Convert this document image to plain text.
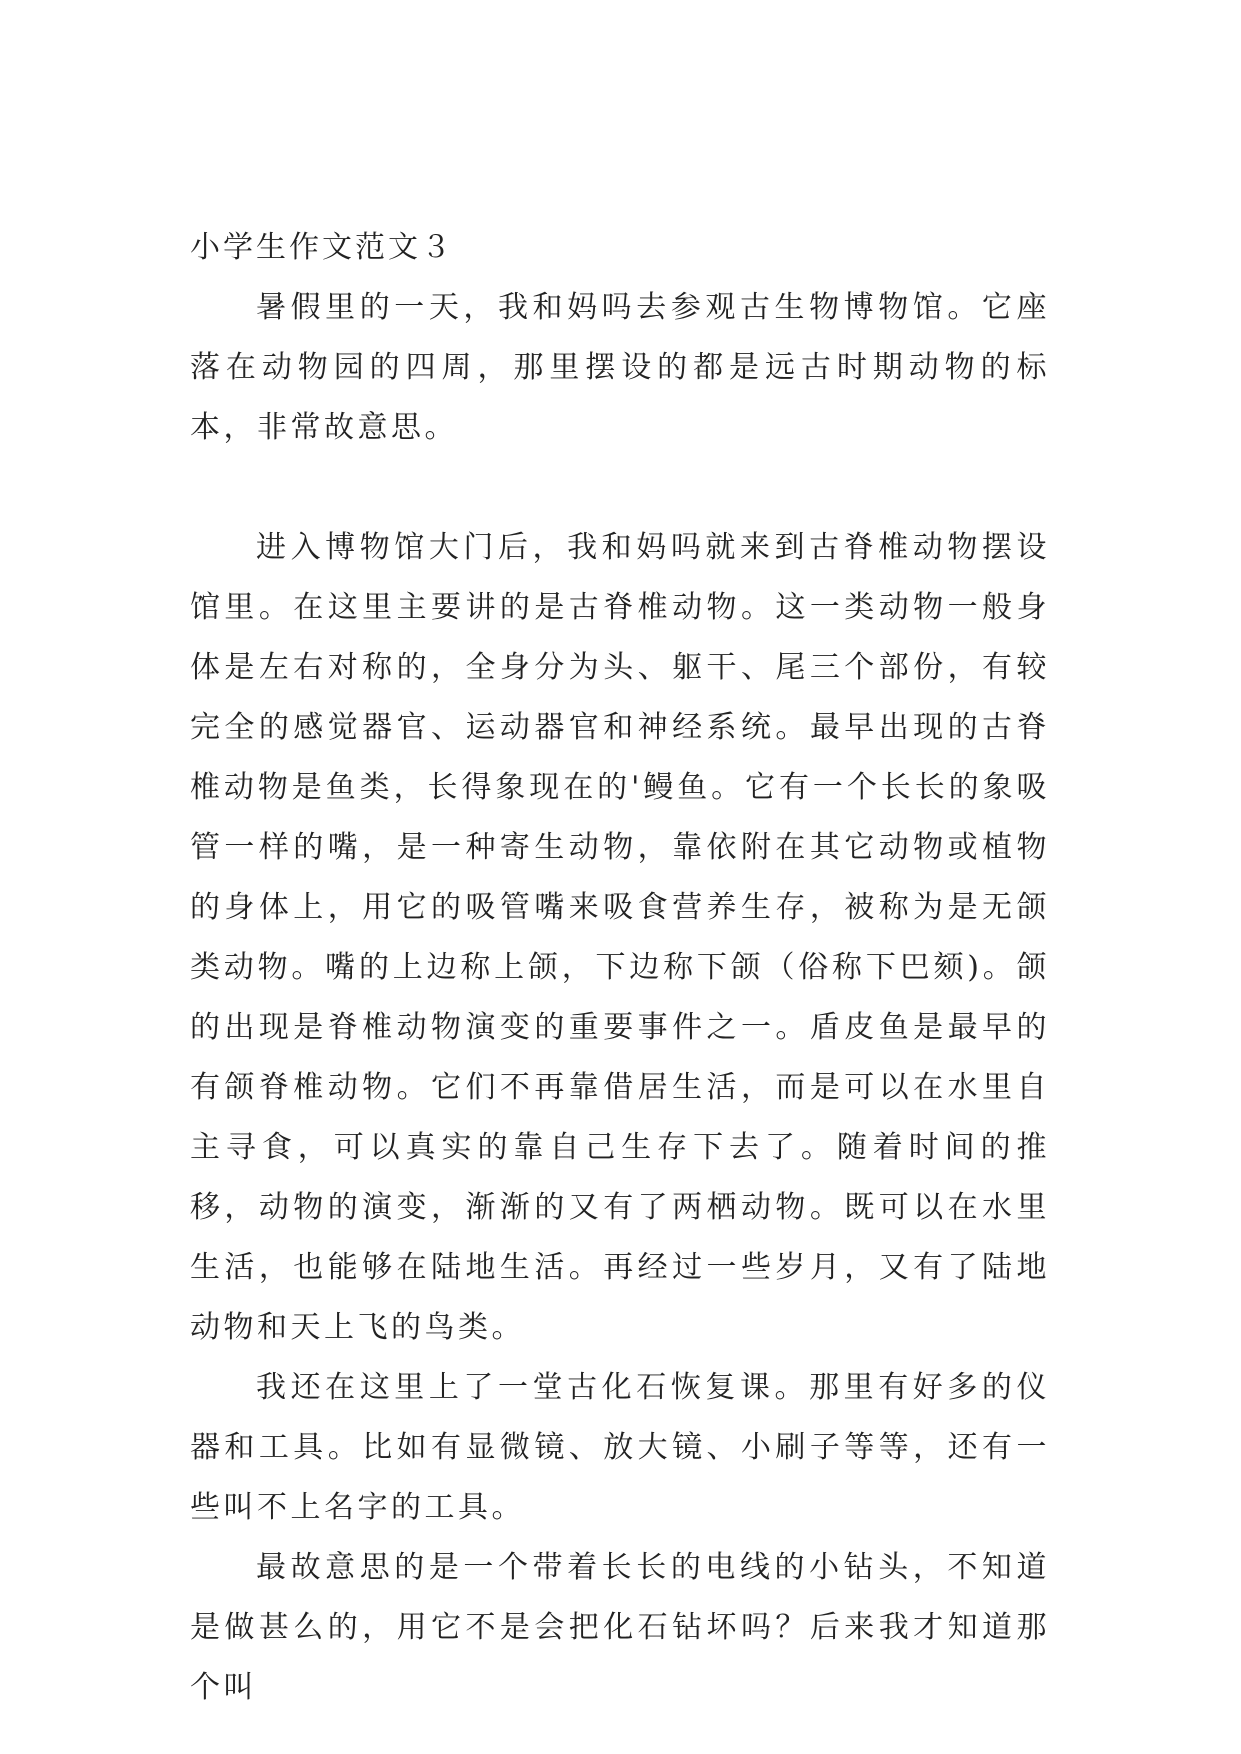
小学生作文范文３

暑假里的一天，我和妈吗去参观古生物博物馆。它座落在动物园的四周，那里摆设的都是远古时期动物的标本，非常故意思。

进入博物馆大门后，我和妈吗就来到古脊椎动物摆设馆里。在这里主要讲的是古脊椎动物。这一类动物一般身体是左右对称的，全身分为头、躯干、尾三个部份，有较完全的感觉器官、运动器官和神经系统。最早出现的古脊椎动物是鱼类，长得象现在的'鳗鱼。它有一个长长的象吸管一样的嘴，是一种寄生动物，靠依附在其它动物或植物的身体上，用它的吸管嘴来吸食营养生存，被称为是无颌类动物。嘴的上边称上颌，下边称下颌（俗称下巴颏)。颌的出现是脊椎动物演变的重要事件之一。盾皮鱼是最早的有颌脊椎动物。它们不再靠借居生活，而是可以在水里自主寻食，可以真实的靠自己生存下去了。随着时间的推移，动物的演变，渐渐的又有了两栖动物。既可以在水里生活，也能够在陆地生活。再经过一些岁月，又有了陆地动物和天上飞的鸟类。

我还在这里上了一堂古化石恢复课。那里有好多的仪器和工具。比如有显微镜、放大镜、小刷子等等，还有一些叫不上名字的工具。

最故意思的是一个带着长长的电线的小钻头，不知道是做甚么的，用它不是会把化石钻坏吗？后来我才知道那个叫
